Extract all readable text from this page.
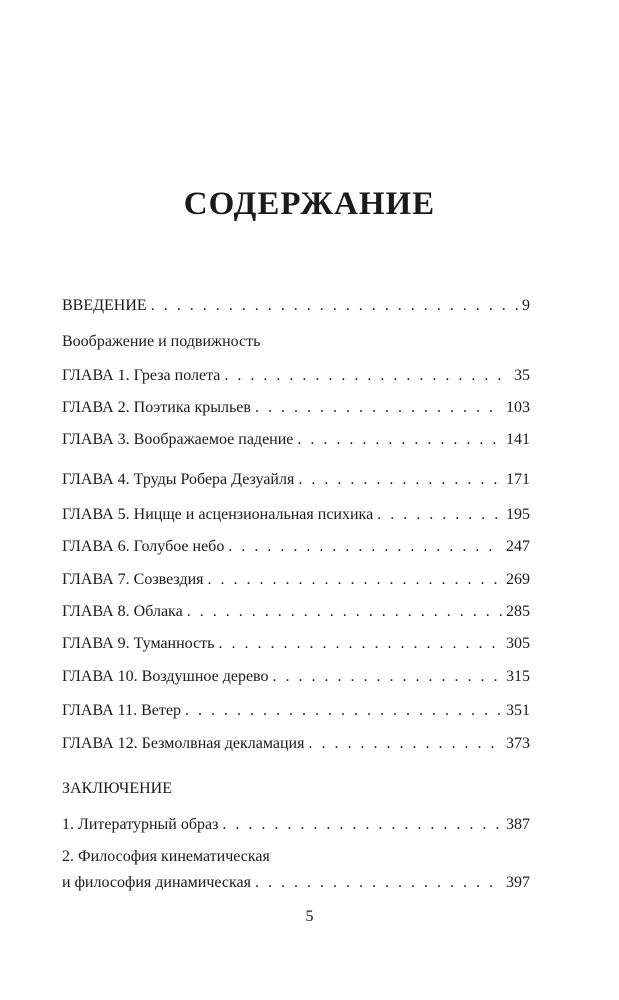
СОДЕРЖАНИЕ
ВВЕДЕНИЕ . . .	9
Воображение и подвижность
ГЛАВА 1. Греза полета . . .	35
ГЛАВА 2. Поэтика крыльев . . .	103
ГЛАВА 3. Воображаемое падение . . .	141
ГЛАВА 4. Труды Робера Дезуайля . . .	171
ГЛАВА 5. Ницще и асцензиональная психика . . .	195
ГЛАВА 6. Голубое небо . . .	247
ГЛАВА 7. Созвездия . . .	269
ГЛАВА 8. Облака . . .	285
ГЛАВА 9. Туманность . . .	305
ГЛАВА 10. Воздушное дерево . . .	315
ГЛАВА 11. Ветер . . .	351
ГЛАВА 12. Безмолвная декламация . . .	373
ЗАКЛЮЧЕНИЕ
1. Литературный образ . . .	387
2. Философия кинематическая
и философия динамическая . . .	397
5
